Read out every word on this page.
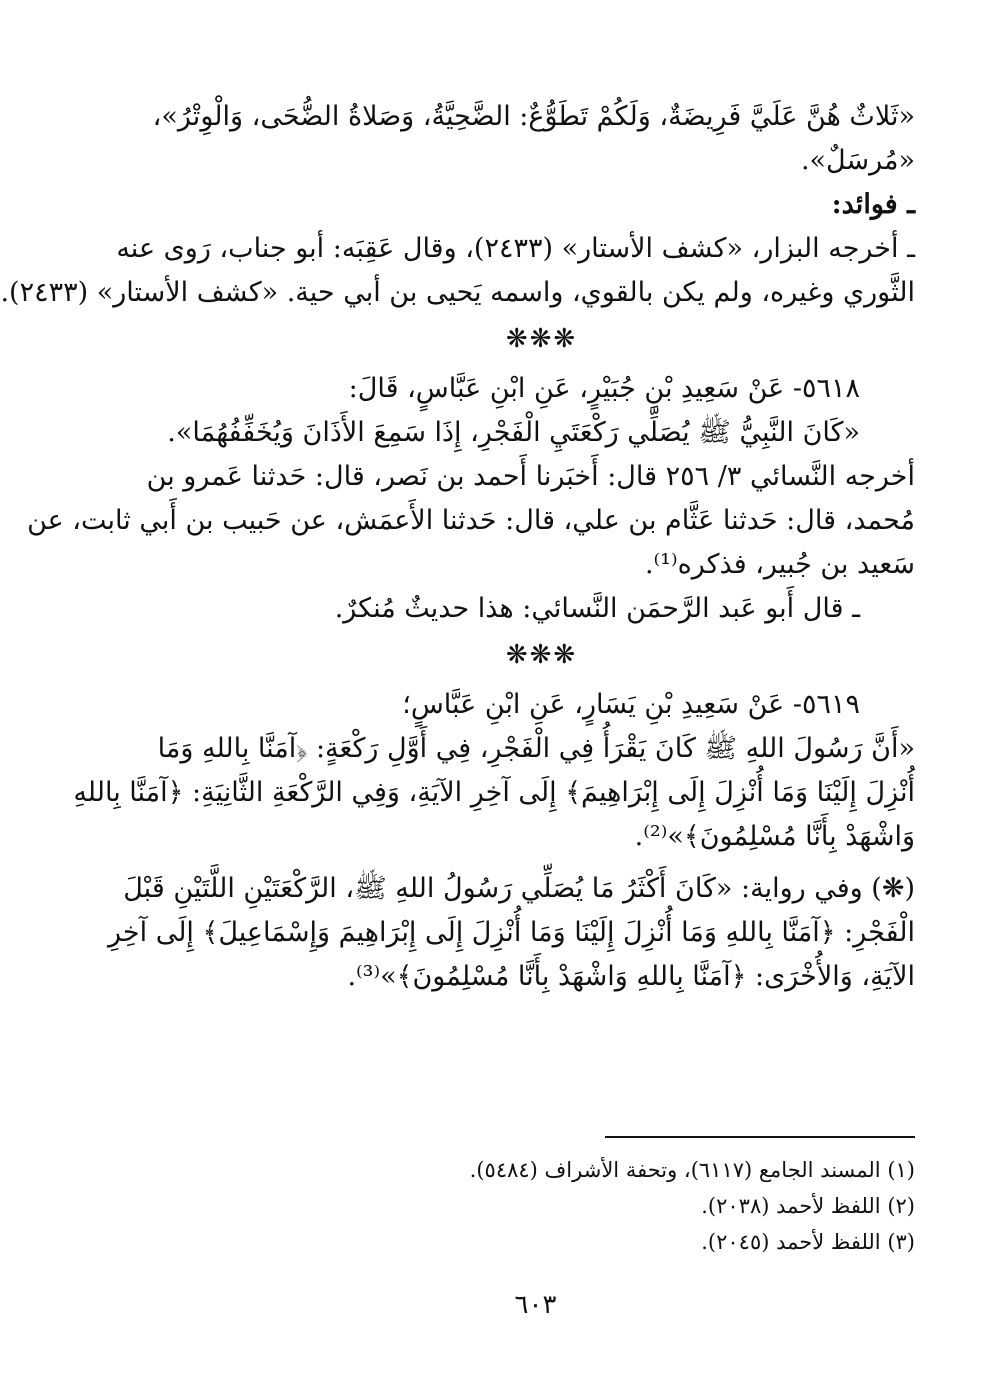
«ثَلاثٌ هُنَّ عَلَيَّ فَرِيضَةٌ، وَلَكُمْ تَطَوُّعٌ: الضَّحِيَّةُ، وَصَلاةُ الضُّحَى، وَالْوِتْرُ»،

«مُرسَلٌ».

ـ فوائد:

ـ أخرجه البزار، «كشف الأستار» (٢٤٣٣)، وقال عَقِبَه: أبو جناب، رَوى عنه

الثَّوري وغيره، ولم يكن بالقوي، واسمه يَحيى بن أبي حية. «كشف الأستار» (٢٤٣٣).

❋❋❋

٥٦١٨- عَنْ سَعِيدِ بْنِ جُبَيْرٍ، عَنِ ابْنِ عَبَّاسٍ، قَالَ:

«كَانَ النَّبِيُّ ﷺ يُصَلِّي رَكْعَتَيِ الْفَجْرِ، إِذَا سَمِعَ الأَذَانَ وَيُخَفِّفُهُمَا».

أخرجه النَّسائي ٣/ ٢٥٦ قال: أَخبَرنا أَحمد بن نَصر، قال: حَدثنا عَمرو بن

مُحمد، قال: حَدثنا عَثَّام بن علي، قال: حَدثنا الأَعمَش، عن حَبيب بن أَبي ثابت، عن

سَعيد بن جُبير، فذكره⁽¹⁾.

ـ قال أَبو عَبد الرَّحمَن النَّسائي: هذا حديثٌ مُنكرٌ.

❋❋❋

٥٦١٩- عَنْ سَعِيدِ بْنِ يَسَارٍ، عَنِ ابْنِ عَبَّاسٍ؛

«أَنَّ رَسُولَ اللهِ ﷺ كَانَ يَقْرَأُ فِي الْفَجْرِ، فِي أَوَّلِ رَكْعَةٍ: ﴿آمَنَّا بِاللهِ وَمَا

أُنْزِلَ إِلَيْنَا وَمَا أُنْزِلَ إِلَى إِبْرَاهِيمَ﴾ إِلَى آخِرِ الآيَةِ، وَفِي الرَّكْعَةِ الثَّانِيَةِ: ﴿آمَنَّا بِاللهِ

وَاشْهَدْ بِأَنَّا مُسْلِمُونَ﴾»⁽²⁾.

(❋) وفي رواية: «كَانَ أَكْثَرُ مَا يُصَلِّي رَسُولُ اللهِ ﷺ، الرَّكْعَتَيْنِ اللَّتَيْنِ قَبْلَ

الْفَجْرِ: ﴿آمَنَّا بِاللهِ وَمَا أُنْزِلَ إِلَيْنَا وَمَا أُنْزِلَ إِلَى إِبْرَاهِيمَ وَإِسْمَاعِيلَ﴾ إِلَى آخِرِ

الآيَةِ، وَالأُخْرَى: ﴿آمَنَّا بِاللهِ وَاشْهَدْ بِأَنَّا مُسْلِمُونَ﴾»⁽³⁾.

(١) المسند الجامع (٦١١٧)، وتحفة الأشراف (٥٤٨٤).

(٢) اللفظ لأحمد (٢٠٣٨).

(٣) اللفظ لأحمد (٢٠٤٥).

٦٠٣
